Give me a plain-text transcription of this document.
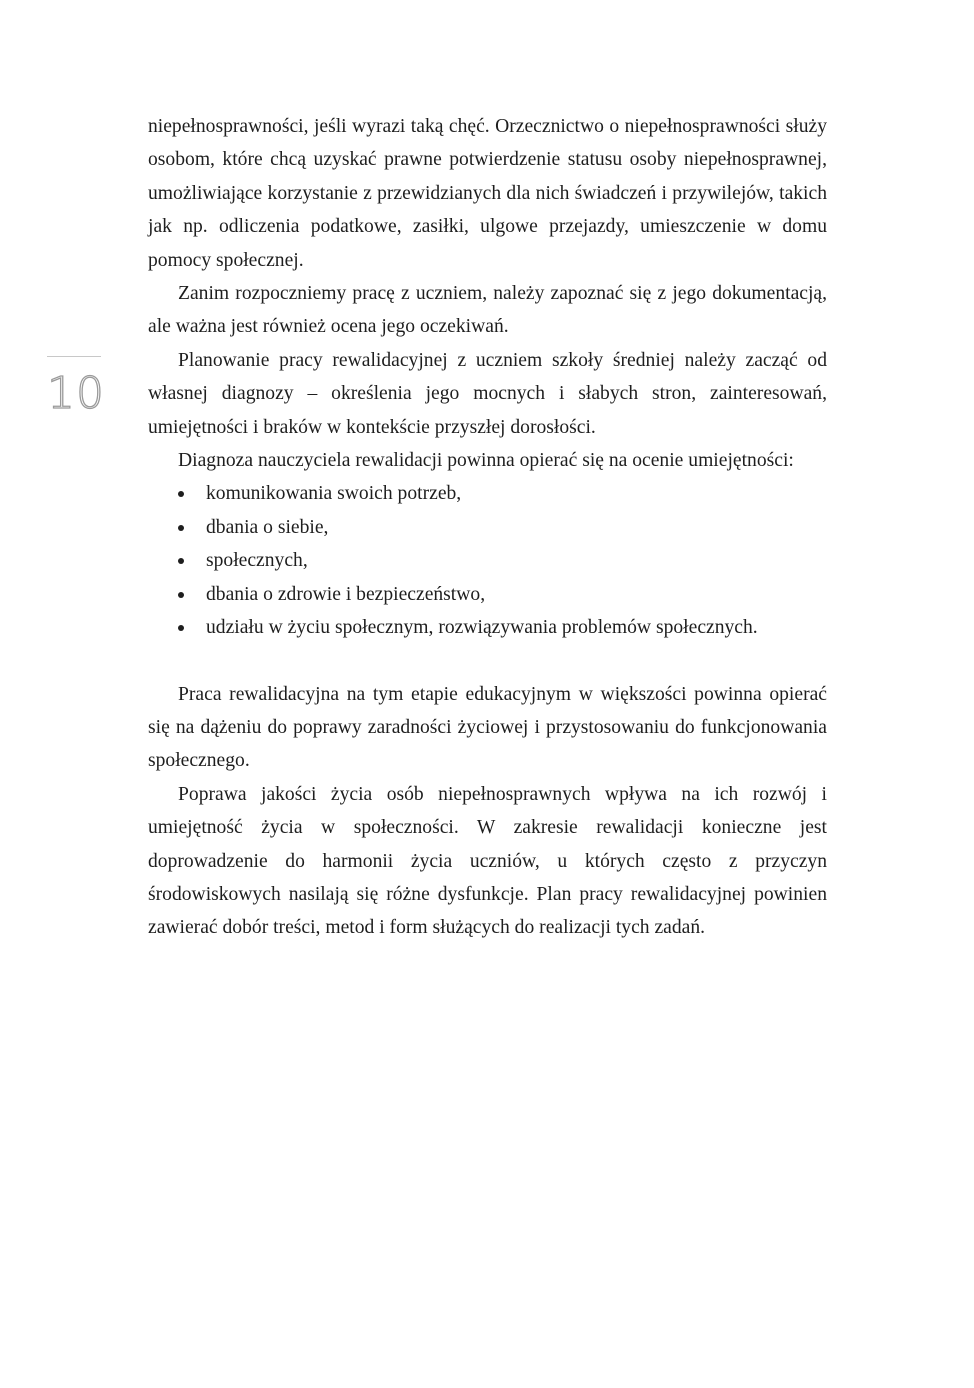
10

niepełnosprawności, jeśli wyrazi taką chęć. Orzecznictwo o niepełnosprawności służy osobom, które chcą uzyskać prawne potwierdzenie statusu osoby niepełnosprawnej, umożliwiające korzystanie z przewidzianych dla nich świadczeń i przywilejów, takich jak np. odliczenia podatkowe, zasiłki, ulgowe przejazdy, umieszczenie w domu pomocy społecznej.

Zanim rozpoczniemy pracę z uczniem, należy zapoznać się z jego dokumentacją, ale ważna jest również ocena jego oczekiwań.

Planowanie pracy rewalidacyjnej z uczniem szkoły średniej należy zacząć od własnej diagnozy – określenia jego mocnych i słabych stron, zainteresowań, umiejętności i braków w kontekście przyszłej dorosłości.

Diagnoza nauczyciela rewalidacji powinna opierać się na ocenie umiejętności:

komunikowania swoich potrzeb,
dbania o siebie,
społecznych,
dbania o zdrowie i bezpieczeństwo,
udziału w życiu społecznym, rozwiązywania problemów społecznych.

Praca rewalidacyjna na tym etapie edukacyjnym w większości powinna opierać się na dążeniu do poprawy zaradności życiowej i przystosowaniu do funkcjonowania społecznego.

Poprawa jakości życia osób niepełnosprawnych wpływa na ich rozwój i umiejętność życia w społeczności. W zakresie rewalidacji konieczne jest doprowadzenie do harmonii życia uczniów, u których często z przyczyn środowiskowych nasilają się różne dysfunkcje. Plan pracy rewalidacyjnej powinien zawierać dobór treści, metod i form służących do realizacji tych zadań.
